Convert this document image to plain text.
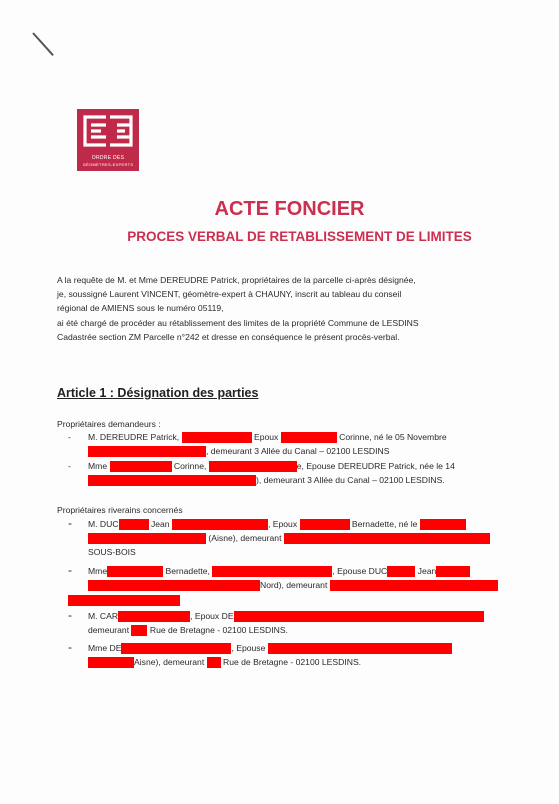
ORDRE DES
GÉOMÈTRES-EXPERTS
ACTE FONCIER
PROCES VERBAL DE RETABLISSEMENT DE LIMITES

A la requête de M. et Mme DEREUDRE Patrick, propriétaires de la parcelle ci-après désignée,

je, soussigné Laurent VINCENT, géomètre-expert à CHAUNY, inscrit au tableau du conseil

régional de AMIENS sous le numéro 05119,

ai été chargé de procéder au rétablissement des limites de la propriété Commune de LESDINS

Cadastrée section ZM Parcelle n°242 et dresse en conséquence le présent procès-verbal.

Article 1 : Désignation des parties
Propriétaires demandeurs :
- M. DEREUDRE Patrick,	Epoux	Corinne, né le 05 Novembre
, demeurant 3 Allée du Canal – 02100 LESDINS
- Mme	Corinne,	e, Epouse DEREUDRE Patrick, née le 14
), demeurant 3 Allée du Canal – 02100 LESDINS.
Propriétaires riverains concernés
- M. DUC	Jean	, Epoux	Bernadette, né le
(Aisne), demeurant
SOUS-BOIS
- Mme	Bernadette,	, Epouse DUC	Jean
Nord), demeurant
- M. CAR	, Epoux DE
demeurant Rue de Bretagne - 02100 LESDINS.
- Mme DE	, Epouse
Aisne), demeurant Rue de Bretagne - 02100 LESDINS.
